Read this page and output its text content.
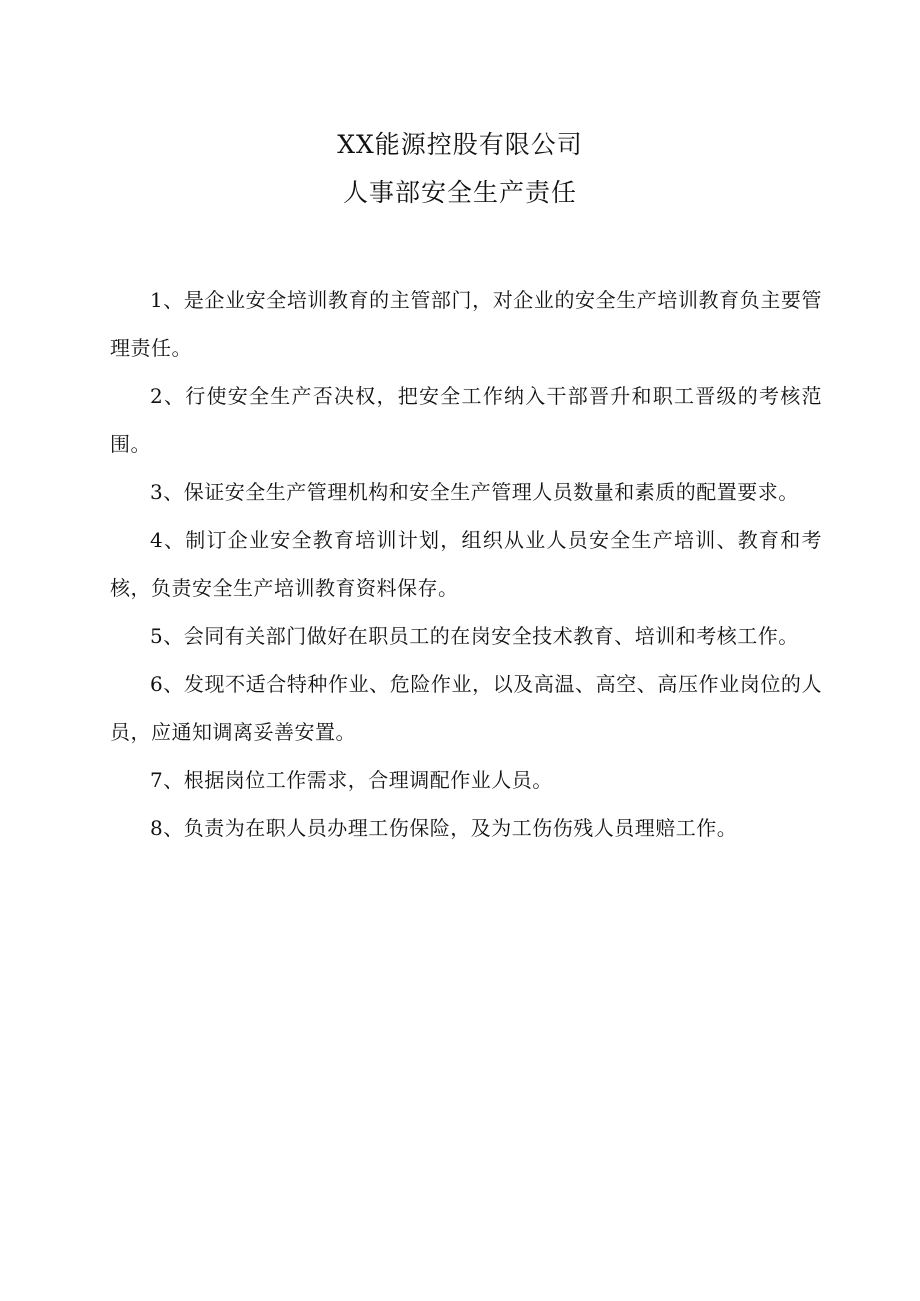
XX能源控股有限公司
人事部安全生产责任

1、是企业安全培训教育的主管部门，对企业的安全生产培训教育负主要管理责任。

2、行使安全生产否决权，把安全工作纳入干部晋升和职工晋级的考核范围。

3、保证安全生产管理机构和安全生产管理人员数量和素质的配置要求。

4、制订企业安全教育培训计划，组织从业人员安全生产培训、教育和考核，负责安全生产培训教育资料保存。

5、会同有关部门做好在职员工的在岗安全技术教育、培训和考核工作。

6、发现不适合特种作业、危险作业，以及高温、高空、高压作业岗位的人员，应通知调离妥善安置。

7、根据岗位工作需求，合理调配作业人员。

8、负责为在职人员办理工伤保险，及为工伤伤残人员理赔工作。
